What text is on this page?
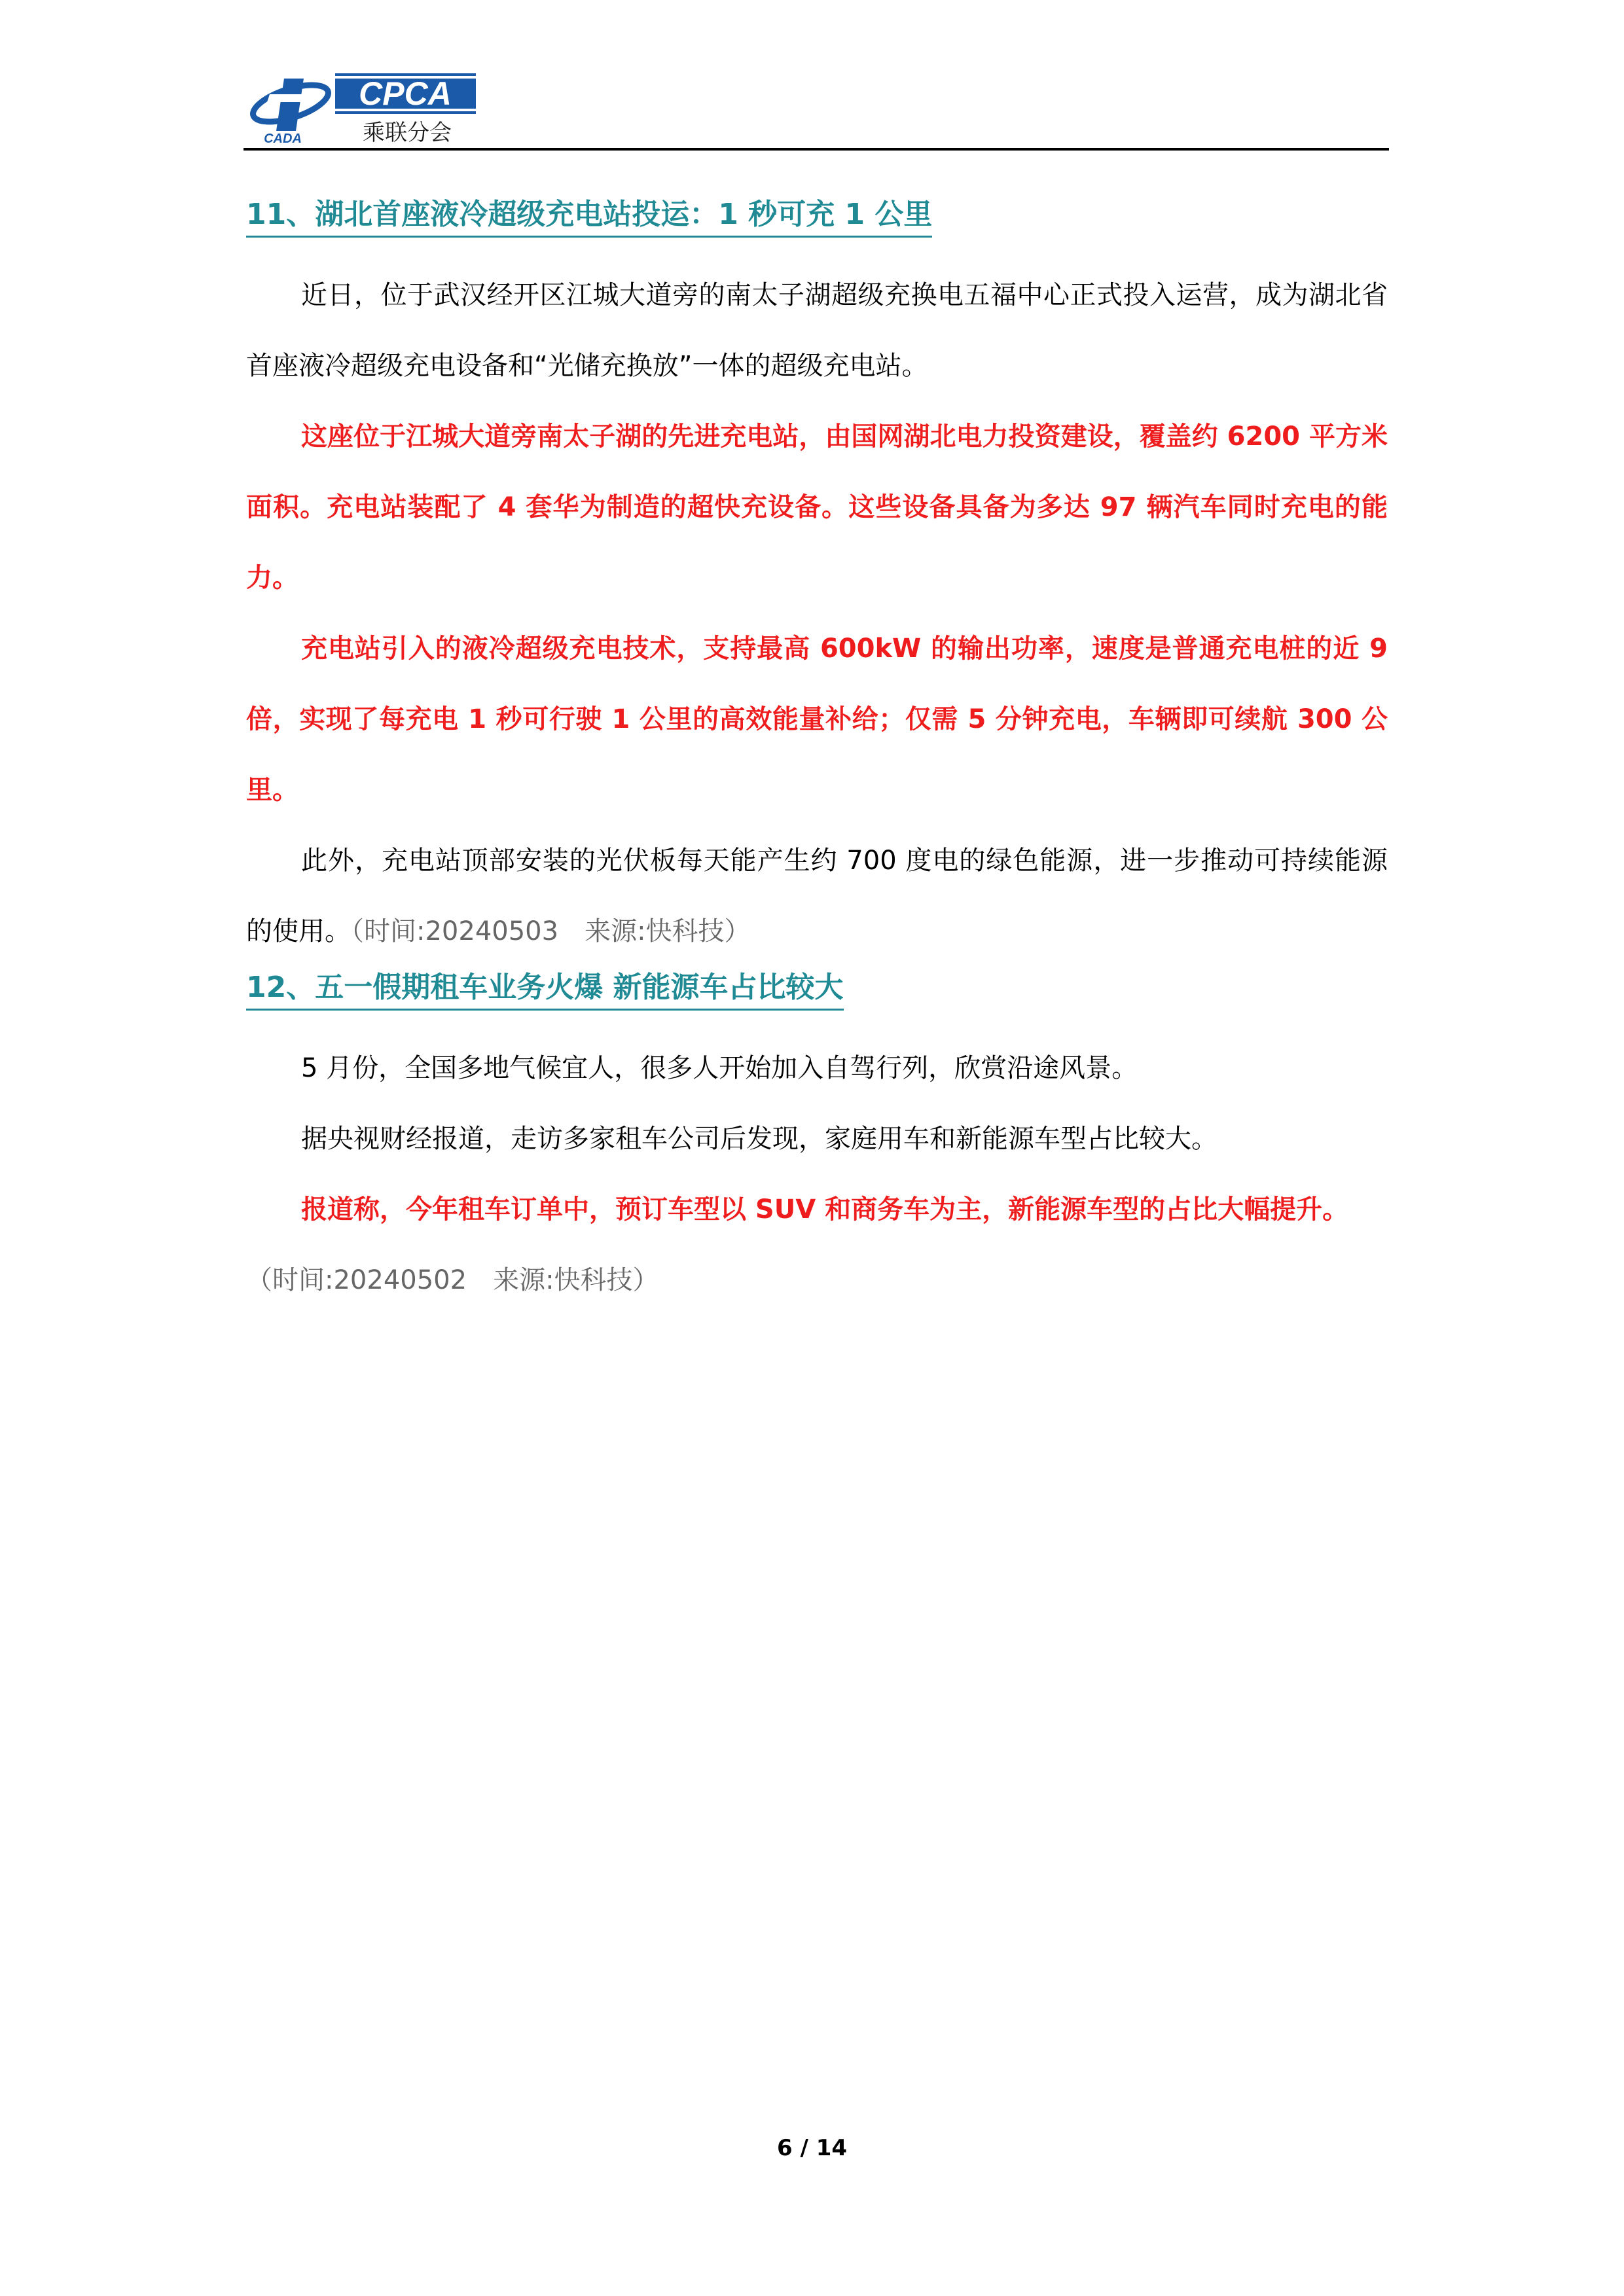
CPCA
乘联分会
CADA
11、湖北首座液冷超级充电站投运：1 秒可充 1 公里

近日，位于武汉经开区江城大道旁的南太子湖超级充换电五福中心正式投入运营，成为湖北省首座液冷超级充电设备和“光储充换放”一体的超级充电站。

这座位于江城大道旁南太子湖的先进充电站，由国网湖北电力投资建设，覆盖约 6200 平方米面积。充电站装配了 4 套华为制造的超快充设备。这些设备具备为多达 97 辆汽车同时充电的能力。

充电站引入的液冷超级充电技术，支持最高 600kW 的输出功率，速度是普通充电桩的近 9 倍，实现了每充电 1 秒可行驶 1 公里的高效能量补给；仅需 5 分钟充电，车辆即可续航 300 公里。

此外，充电站顶部安装的光伏板每天能产生约 700 度电的绿色能源，进一步推动可持续能源的使用。（时间:20240503　来源:快科技）

12、五一假期租车业务火爆 新能源车占比较大

5 月份，全国多地气候宜人，很多人开始加入自驾行列，欣赏沿途风景。

据央视财经报道，走访多家租车公司后发现，家庭用车和新能源车型占比较大。

报道称，今年租车订单中，预订车型以 SUV 和商务车为主，新能源车型的占比大幅提升。

（时间:20240502　来源:快科技）

6 / 14
